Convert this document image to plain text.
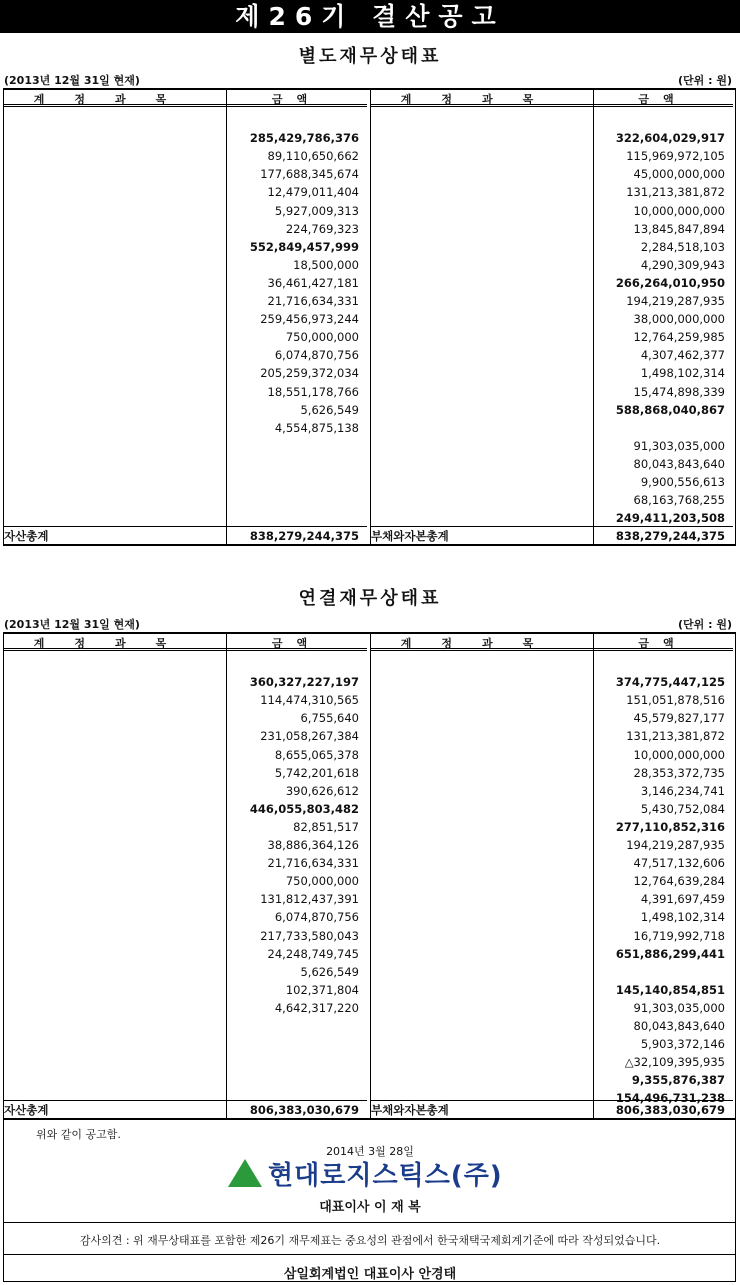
제26기 결산공고
별도재무상태표
(2013년 12월 31일 현재)	(단위 : 원)
계정과목	금액
285,429,786,376
89,110,650,662
177,688,345,674
12,479,011,404
5,927,009,313
224,769,323
552,849,457,999
18,500,000
36,461,427,181
21,716,634,331
259,456,973,244
750,000,000
6,074,870,756
205,259,372,034
18,551,178,766
5,626,549
4,554,875,138
자산총계	838,279,244,375
계정과목	금액
322,604,029,917
115,969,972,105
45,000,000,000
131,213,381,872
10,000,000,000
13,845,847,894
2,284,518,103
4,290,309,943
266,264,010,950
194,219,287,935
38,000,000,000
12,764,259,985
4,307,462,377
1,498,102,314
15,474,898,339
588,868,040,867
91,303,035,000
80,043,843,640
9,900,556,613
68,163,768,255
249,411,203,508
부채와자본총계	838,279,244,375
연결재무상태표
(2013년 12월 31일 현재)	(단위 : 원)
계정과목	금액
360,327,227,197
114,474,310,565
6,755,640
231,058,267,384
8,655,065,378
5,742,201,618
390,626,612
446,055,803,482
82,851,517
38,886,364,126
21,716,634,331
750,000,000
131,812,437,391
6,074,870,756
217,733,580,043
24,248,749,745
5,626,549
102,371,804
4,642,317,220
자산총계	806,383,030,679
계정과목	금액
374,775,447,125
151,051,878,516
45,579,827,177
131,213,381,872
10,000,000,000
28,353,372,735
3,146,234,741
5,430,752,084
277,110,852,316
194,219,287,935
47,517,132,606
12,764,639,284
4,391,697,459
1,498,102,314
16,719,992,718
651,886,299,441
145,140,854,851
91,303,035,000
80,043,843,640
5,903,372,146
△32,109,395,935
9,355,876,387
154,496,731,238
부채와자본총계	806,383,030,679
위와 같이 공고함.
2014년 3월 28일
현대로지스틱스(주)
대표이사 이 재 복
감사의견 : 위 재무상태표를 포함한 제26기 재무제표는 중요성의 관점에서 한국채택국제회계기준에 따라 작성되었습니다.
삼일회계법인 대표이사 안경태
